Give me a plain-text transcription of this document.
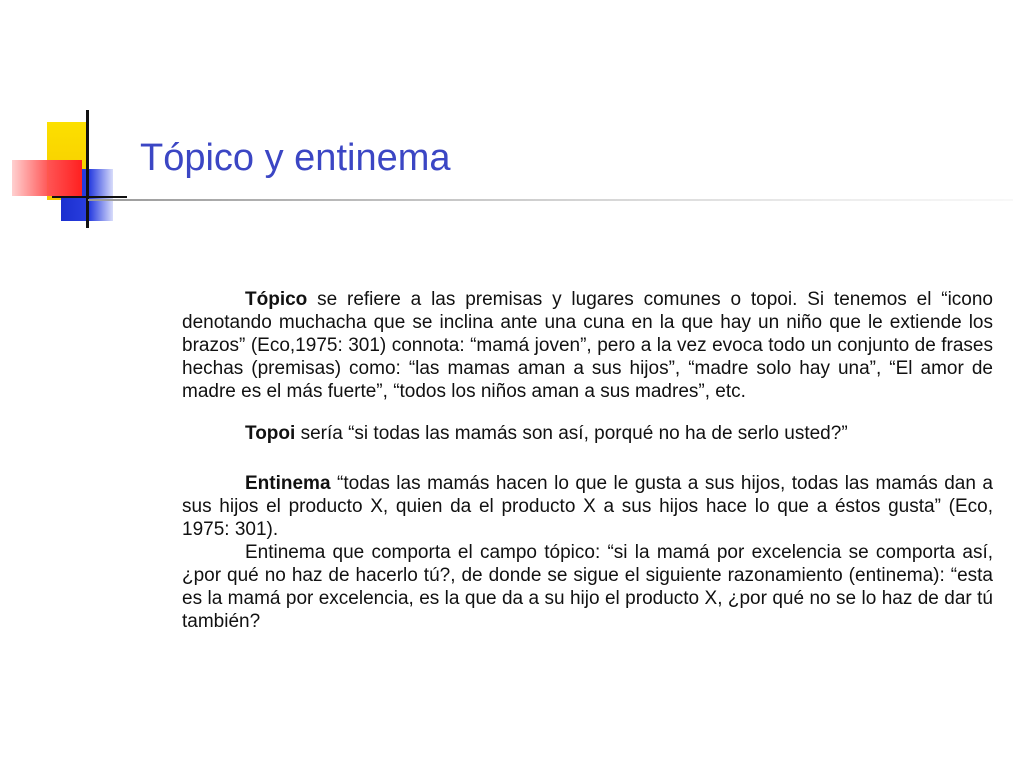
Tópico y entinema

Tópico se refiere a las premisas y lugares comunes o topoi. Si tenemos el “icono denotando muchacha que se inclina ante una cuna en la que hay un niño que le extiende los brazos” (Eco,1975: 301) connota: “mamá joven”, pero a la vez evoca todo un conjunto de frases hechas (premisas) como: “las mamas aman a sus hijos”, “madre solo hay una”, “El amor de madre es el más fuerte”, “todos los niños aman a sus madres”, etc.

Topoi sería “si todas las mamás son así, porqué no ha de serlo usted?”

Entinema “todas las mamás hacen lo que le gusta a sus hijos, todas las mamás dan a sus hijos el producto X, quien da el producto X a sus hijos hace lo que a éstos gusta” (Eco, 1975: 301).

Entinema que comporta el campo tópico: “si la mamá por excelencia se comporta así, ¿por qué no haz de hacerlo tú?, de donde se sigue el siguiente razonamiento (entinema): “esta es la mamá por excelencia, es la que da a su hijo el producto X, ¿por qué no se lo haz de dar tú también?
